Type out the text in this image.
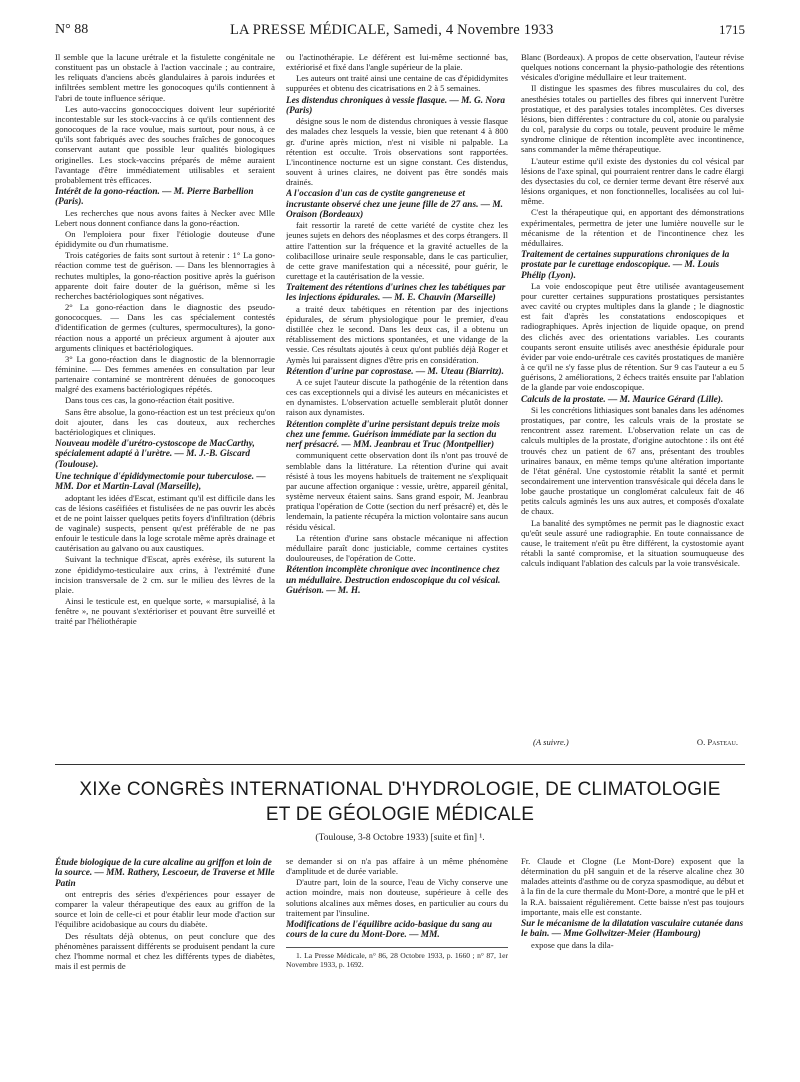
N° 88	LA PRESSE MÉDICALE, Samedi, 4 Novembre 1933	1715

Il semble que la lacune urétrale et la fistulette congénitale ne constituent pas un obstacle à l'action vaccinale ; au contraire, les reliquats d'anciens abcès glandulaires à parois indurées et infiltrées semblent mettre les gonocoques qu'ils contiennent à l'abri de toute influence sérique.

Les auto-vaccins gonococciques doivent leur supériorité incontestable sur les stock-vaccins à ce qu'ils contiennent des gonocoques de la race voulue, mais surtout, pour nous, à ce qu'ils sont fabriqués avec des souches fraîches de gonocoques conservant autant que possible leur qualités biologiques originelles. Les stock-vaccins préparés de même auraient l'avantage d'être immédiatement utilisables et seraient probablement très efficaces.

Intérêt de la gono-réaction. — M. Pierre Barbellion (Paris).

Les recherches que nous avons faites à Necker avec Mlle Lebert nous donnent confiance dans la gono-réaction.

On l'emploiera pour fixer l'étiologie douteuse d'une épididymite ou d'un rhumatisme.

Trois catégories de faits sont surtout à retenir : 1° La gono-réaction comme test de guérison. — Dans les blennorragies à rechutes multiples, la gono-réaction positive après la guérison apparente doit faire douter de la guérison, même si les recherches bactériologiques sont négatives.

2° La gono-réaction dans le diagnostic des pseudo-gonococques. — Dans les cas spécialement contestés d'identification de germes (cultures, spermocultures), la gono-réaction nous a apporté un précieux argument à ajouter aux arguments cliniques et bactériologiques.

3° La gono-réaction dans le diagnostic de la blennorragie féminine. — Des femmes amenées en consultation par leur partenaire contaminé se montrèrent dénuées de gonocoques malgré des examens bactériologiques répétés.

Dans tous ces cas, la gono-réaction était positive.

Sans être absolue, la gono-réaction est un test précieux qu'on doit ajouter, dans les cas douteux, aux recherches bactériologiques et cliniques.

Nouveau modèle d'urétro-cystoscope de MacCarthy, spécialement adapté à l'urètre. — M. J.-B. Giscard (Toulouse).
Une technique d'épididymectomie pour tuberculose. — MM. Dor et Martin-Laval (Marseille),

adoptant les idées d'Escat, estimant qu'il est difficile dans les cas de lésions caséifiées et fistulisées de ne pas ouvrir les abcès et de ne point laisser quelques petits foyers d'infiltration (débris de vaginale) suspects, pensent qu'est préférable de ne pas enfouir le testicule dans la loge scrotale même après drainage et cautérisation au galvano ou aux caustiques.

Suivant la technique d'Escat, après exérèse, ils suturent la zone épididymo-testiculaire aux crins, à l'extrémité d'une incision transversale de 2 cm. sur le milieu des lèvres de la plaie.

Ainsi le testicule est, en quelque sorte, « marsupialisé, à la fenêtre », ne pouvant s'extérioriser et pouvant être surveillé et traité par l'héliothérapie

ou l'actinothérapie. Le déférent est lui-même sectionné bas, extériorisé et fixé dans l'angle supérieur de la plaie.

Les auteurs ont traité ainsi une centaine de cas d'épididymites suppurées et obtenu des cicatrisations en 2 à 5 semaines.

Les distendus chroniques à vessie flasque. — M. G. Nora (Paris)

désigne sous le nom de distendus chroniques à vessie flasque des malades chez lesquels la vessie, bien que retenant 4 à 800 gr. d'urine après miction, n'est ni visible ni palpable. La rétention est occulte. Trois observations sont rapportées. L'incontinence nocturne est un signe constant. Ces distendus, souvent à urines claires, ne doivent pas être sondés mais drainés.

A l'occasion d'un cas de cystite gangreneuse et incrustante observé chez une jeune fille de 27 ans. — M. Oraison (Bordeaux)

fait ressortir la rareté de cette variété de cystite chez les jeunes sujets en dehors des néoplasmes et des corps étrangers. Il attire l'attention sur la fréquence et la gravité actuelles de la colibacillose urinaire seule responsable, dans le cas particulier, de cette grave manifestation qui a nécessité, pour guérir, le curettage et la cautérisation de la vessie.

Traitement des rétentions d'urines chez les tabétiques par les injections épidurales. — M. E. Chauvin (Marseille)

a traité deux tabétiques en rétention par des injections épidurales, de sérum physiologique pour le premier, d'eau distillée chez le second. Dans les deux cas, il a obtenu un rétablissement des mictions spontanées, et une vidange de la vessie. Ces résultats ajoutés à ceux qu'ont publiés déjà Roger et Aymès lui paraissent dignes d'être pris en considération.

Rétention d'urine par coprostase. — M. Uteau (Biarritz).

A ce sujet l'auteur discute la pathogénie de la rétention dans ces cas exceptionnels qui a divisé les auteurs en mécanicistes et en dynamistes. L'observation actuelle semblerait plutôt donner raison aux dynamistes.

Rétention complète d'urine persistant depuis treize mois chez une femme. Guérison immédiate par la section du nerf présacré. — MM. Jeanbrau et Truc (Montpellier)

communiquent cette observation dont ils n'ont pas trouvé de semblable dans la littérature. La rétention d'urine qui avait résisté à tous les moyens habituels de traitement ne s'expliquait par aucune affection organique : vessie, urètre, appareil génital, système nerveux étaient sains. Sans grand espoir, M. Jeanbrau pratiqua l'opération de Cotte (section du nerf présacré) et, dès le lendemain, la patiente récupéra la miction volontaire sans aucun résidu vésical.

La rétention d'urine sans obstacle mécanique ni affection médullaire paraît donc justiciable, comme certaines cystites douloureuses, de l'opération de Cotte.

Rétention incomplète chronique avec incontinence chez un médullaire. Destruction endoscopique du col vésical. Guérison. — M. H.

Blanc (Bordeaux). A propos de cette observation, l'auteur révise quelques notions concernant la physio-pathologie des rétentions vésicales d'origine médullaire et leur traitement.

Il distingue les spasmes des fibres musculaires du col, des anesthésies totales ou partielles des fibres qui innervent l'urètre prostatique, et des paralysies totales incomplètes. Ces diverses lésions, bien différentes : contracture du col, atonie ou paralysie du col, paralysie du corps ou totale, peuvent produire le même syndrome clinique de rétention incomplète avec incontinence, sans commander la même thérapeutique.

L'auteur estime qu'il existe des dystonies du col vésical par lésions de l'axe spinal, qui pourraient rentrer dans le cadre élargi des dysectasies du col, ce dernier terme devant être réservé aux lésions organiques, et non fonctionnelles, localisées au col lui-même.

C'est la thérapeutique qui, en apportant des démonstrations expérimentales, permettra de jeter une lumière nouvelle sur le mécanisme de la rétention et de l'incontinence chez les médullaires.

Traitement de certaines suppurations chroniques de la prostate par le curettage endoscopique. — M. Louis Phélip (Lyon).

La voie endoscopique peut être utilisée avantageusement pour curetter certaines suppurations prostatiques persistantes avec cavité ou cryptes multiples dans la glande ; le diagnostic est fait d'après les constatations endoscopiques et radiographiques. Après injection de liquide opaque, on prend des clichés avec des orientations variables. Les courants coupants seront ensuite utilisés avec anesthésie épidurale pour évider par voie endo-urétrale ces cavités prostatiques de manière à ce qu'il ne s'y fasse plus de rétention. Sur 9 cas l'auteur a eu 5 guérisons, 2 améliorations, 2 échecs traités ensuite par l'ablation de la glande par voie endoscopique.

Calculs de la prostate. — M. Maurice Gérard (Lille).

Si les concrétions lithiasiques sont banales dans les adénomes prostatiques, par contre, les calculs vrais de la prostate se rencontrent assez rarement. L'observation relate un cas de calculs multiples de la prostate, d'origine autochtone : ils ont été trouvés chez un patient de 67 ans, présentant des troubles urinaires banaux, en même temps qu'une altération importante de l'état général. Une cystostomie rétablit la santé et permit secondairement une intervention transvésicale qui décela dans le lobe gauche prostatique un conglomérat calculeux fait de 46 petits calculs agminés les uns aux autres, et composés d'oxalate de chaux.

La banalité des symptômes ne permit pas le diagnostic exact qu'eût seule assuré une radiographie. En toute connaissance de cause, le traitement n'eût pu être différent, la cystostomie ayant rétabli la santé compromise, et la situation soumuqueuse des calculs indiquant l'ablation des calculs par la voie transvésicale.

(A suivre.)	O. Pasteau.
XIXe CONGRÈS INTERNATIONAL D'HYDROLOGIE, DE CLIMATOLOGIE
ET DE GÉOLOGIE MÉDICALE
(Toulouse, 3-8 Octobre 1933) [suite et fin] ¹.
Étude biologique de la cure alcaline au griffon et loin de la source. — MM. Rathery, Lescoeur, de Traverse et Mlle Patin

ont entrepris des séries d'expériences pour essayer de comparer la valeur thérapeutique des eaux au griffon de la source et loin de celle-ci et pour établir leur mode d'action sur l'équilibre acidobasique au cours du diabète.

Des résultats déjà obtenus, on peut conclure que des phénomènes paraissent différents se produisent pendant la cure chez l'homme normal et chez les différents types de diabètes, mais il est permis de

se demander si on n'a pas affaire à un même phénomène d'amplitude et de durée variable.

D'autre part, loin de la source, l'eau de Vichy conserve une action moindre, mais non douteuse, supérieure à celle des solutions alcalines aux mêmes doses, en particulier au cours du traitement par l'insuline.

Modifications de l'équilibre acido-basique du sang au cours de la cure du Mont-Dore. — MM.

1. La Presse Médicale, n° 86, 28 Octobre 1933, p. 1660 ; n° 87, 1er Novembre 1933, p. 1692.

Fr. Claude et Clogne (Le Mont-Dore) exposent que la détermination du pH sanguin et de la réserve alcaline chez 30 malades atteints d'asthme ou de coryza spasmodique, au début et à la fin de la cure thermale du Mont-Dore, a montré que le pH et la R.A. baissaient régulièrement. Cette baisse n'est pas toujours importante, mais elle est constante.

Sur le mécanisme de la dilatation vasculaire cutanée dans le bain. — Mme Gollwitzer-Meier (Hambourg)

expose que dans la dila-
